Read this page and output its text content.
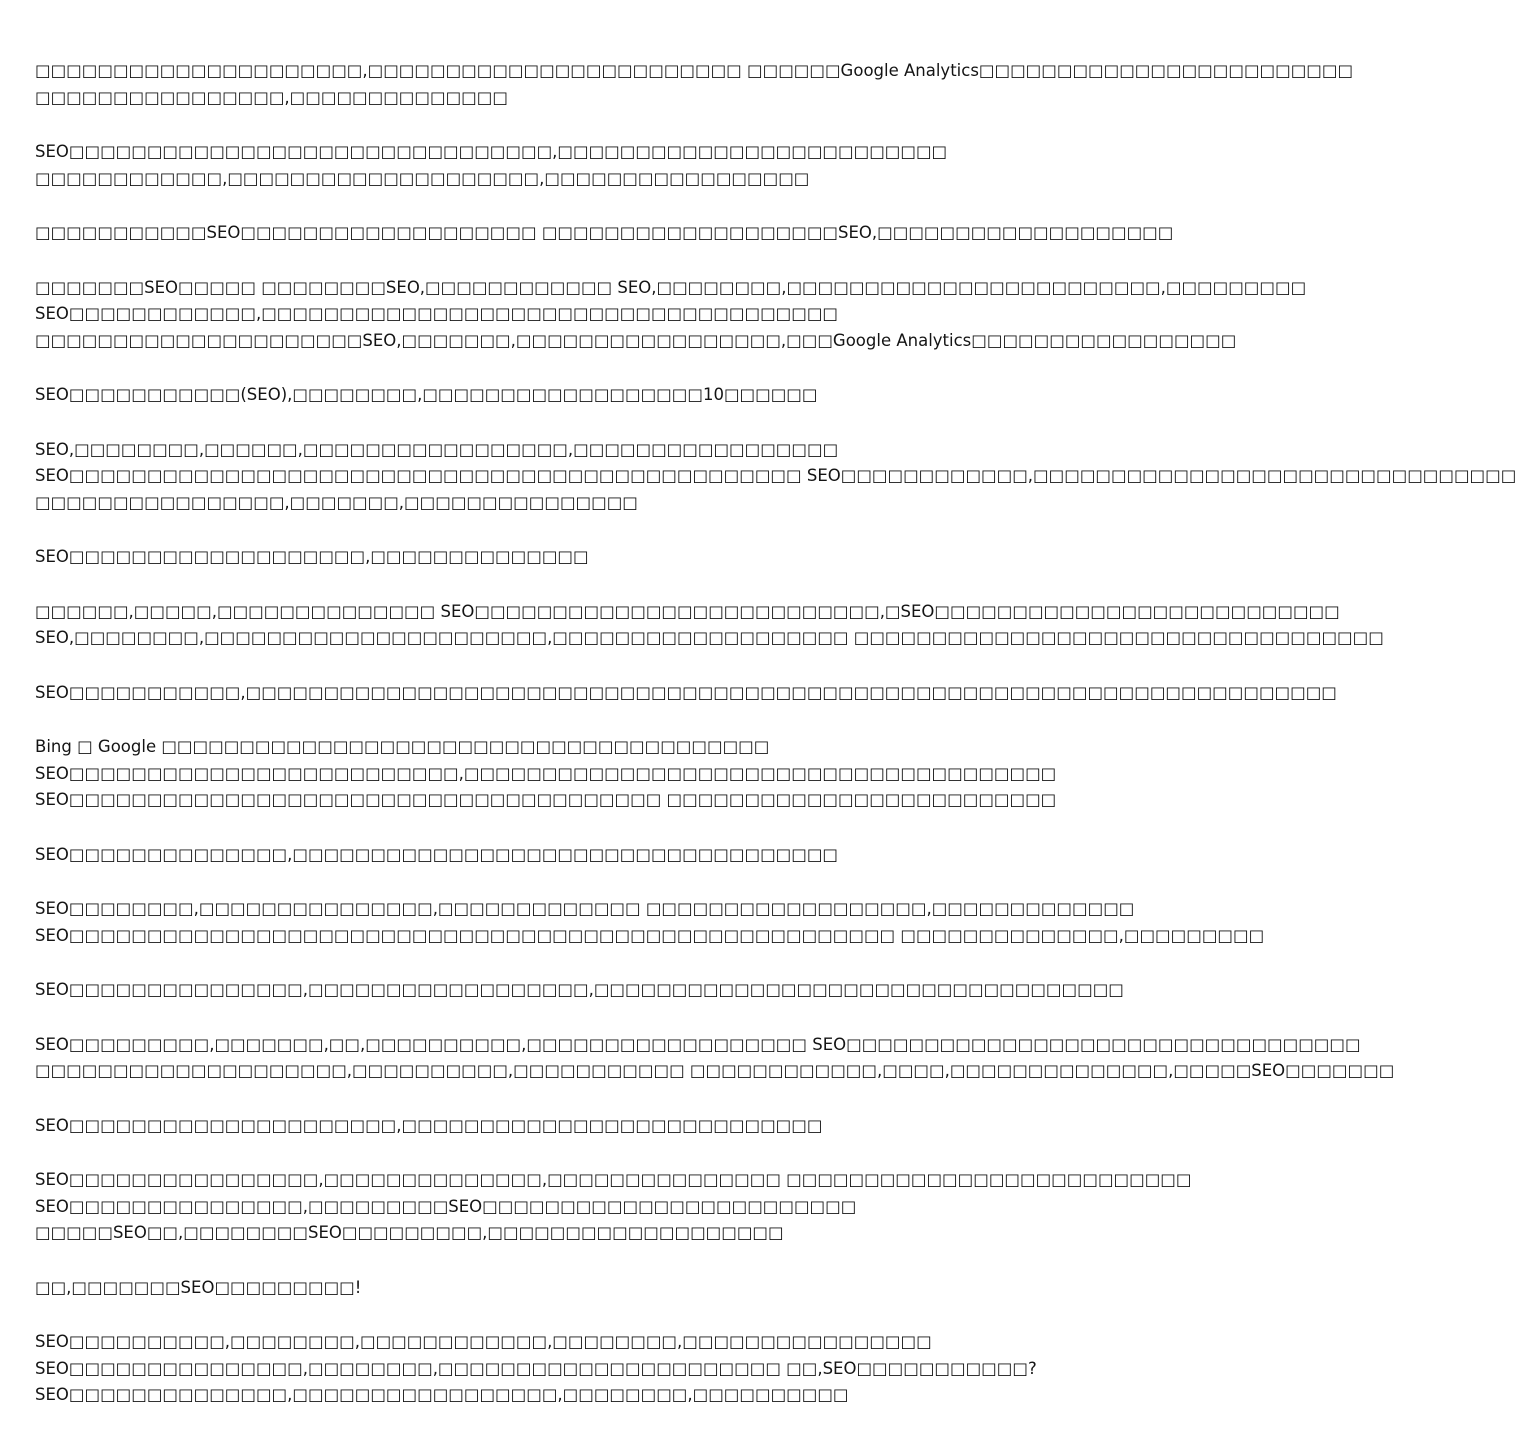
□□□□□□□□□□□□□□□□□□□□□,□□□□□□□□□□□□□□□□□□□□□□□□ □□□□□□Google Analytics□□□□□□□□□□□□□□□□□□□□□□□□
□□□□□□□□□□□□□□□□,□□□□□□□□□□□□□□

SEO□□□□□□□□□□□□□□□□□□□□□□□□□□□□□□□,□□□□□□□□□□□□□□□□□□□□□□□□□
□□□□□□□□□□□□,□□□□□□□□□□□□□□□□□□□□,□□□□□□□□□□□□□□□□□

□□□□□□□□□□□SEO□□□□□□□□□□□□□□□□□□□ □□□□□□□□□□□□□□□□□□□SEO,□□□□□□□□□□□□□□□□□□□

□□□□□□□SEO□□□□□ □□□□□□□□SEO,□□□□□□□□□□□□ SEO,□□□□□□□□,□□□□□□□□□□□□□□□□□□□□□□□□,□□□□□□□□□
SEO□□□□□□□□□□□□,□□□□□□□□□□□□□□□□□□□□□□□□□□□□□□□□□□□□□
□□□□□□□□□□□□□□□□□□□□□SEO,□□□□□□□,□□□□□□□□□□□□□□□□□,□□□Google Analytics□□□□□□□□□□□□□□□□□

SEO□□□□□□□□□□□(SEO),□□□□□□□□,□□□□□□□□□□□□□□□□□□10□□□□□□

SEO,□□□□□□□□,□□□□□□,□□□□□□□□□□□□□□□□□,□□□□□□□□□□□□□□□□□
SEO□□□□□□□□□□□□□□□□□□□□□□□□□□□□□□□□□□□□□□□□□□□□□□□ SEO□□□□□□□□□□□□,□□□□□□□□□□□□□□□□□□□□□□□□□□□□□□□
□□□□□□□□□□□□□□□□,□□□□□□□,□□□□□□□□□□□□□□□

SEO□□□□□□□□□□□□□□□□□□□,□□□□□□□□□□□□□□

□□□□□□,□□□□□,□□□□□□□□□□□□□□ SEO□□□□□□□□□□□□□□□□□□□□□□□□□□,□SEO□□□□□□□□□□□□□□□□□□□□□□□□□□
SEO,□□□□□□□□,□□□□□□□□□□□□□□□□□□□□□□,□□□□□□□□□□□□□□□□□□□ □□□□□□□□□□□□□□□□□□□□□□□□□□□□□□□□□□

SEO□□□□□□□□□□□,□□□□□□□□□□□□□□□□□□□□□□□□□□□□□□□□□□□□□□□□□□□□□□□□□□□□□□□□□□□□□□□□□□□□□□

Bing □ Google □□□□□□□□□□□□□□□□□□□□□□□□□□□□□□□□□□□□□□□
SEO□□□□□□□□□□□□□□□□□□□□□□□□□,□□□□□□□□□□□□□□□□□□□□□□□□□□□□□□□□□□□□□□
SEO□□□□□□□□□□□□□□□□□□□□□□□□□□□□□□□□□□□□□□ □□□□□□□□□□□□□□□□□□□□□□□□□

SEO□□□□□□□□□□□□□□,□□□□□□□□□□□□□□□□□□□□□□□□□□□□□□□□□□□

SEO□□□□□□□□,□□□□□□□□□□□□□□□,□□□□□□□□□□□□□ □□□□□□□□□□□□□□□□□□,□□□□□□□□□□□□□
SEO□□□□□□□□□□□□□□□□□□□□□□□□□□□□□□□□□□□□□□□□□□□□□□□□□□□□□ □□□□□□□□□□□□□□,□□□□□□□□□

SEO□□□□□□□□□□□□□□□,□□□□□□□□□□□□□□□□□□,□□□□□□□□□□□□□□□□□□□□□□□□□□□□□□□□□□

SEO□□□□□□□□□,□□□□□□□,□□,□□□□□□□□□□,□□□□□□□□□□□□□□□□□□ SEO□□□□□□□□□□□□□□□□□□□□□□□□□□□□□□□□□
□□□□□□□□□□□□□□□□□□□□,□□□□□□□□□□,□□□□□□□□□□□ □□□□□□□□□□□□,□□□□,□□□□□□□□□□□□□□,□□□□□SEO□□□□□□□

SEO□□□□□□□□□□□□□□□□□□□□□,□□□□□□□□□□□□□□□□□□□□□□□□□□□

SEO□□□□□□□□□□□□□□□□,□□□□□□□□□□□□□□,□□□□□□□□□□□□□□□ □□□□□□□□□□□□□□□□□□□□□□□□□□
SEO□□□□□□□□□□□□□□□,□□□□□□□□□SEO□□□□□□□□□□□□□□□□□□□□□□□□
□□□□□SEO□□,□□□□□□□□SEO□□□□□□□□□,□□□□□□□□□□□□□□□□□□□

□□,□□□□□□□SEO□□□□□□□□□!

SEO□□□□□□□□□□,□□□□□□□□,□□□□□□□□□□□□,□□□□□□□□,□□□□□□□□□□□□□□□□
SEO□□□□□□□□□□□□□□□,□□□□□□□□,□□□□□□□□□□□□□□□□□□□□□□ □□,SEO□□□□□□□□□□□?
SEO□□□□□□□□□□□□□□,□□□□□□□□□□□□□□□□□,□□□□□□□□,□□□□□□□□□□
